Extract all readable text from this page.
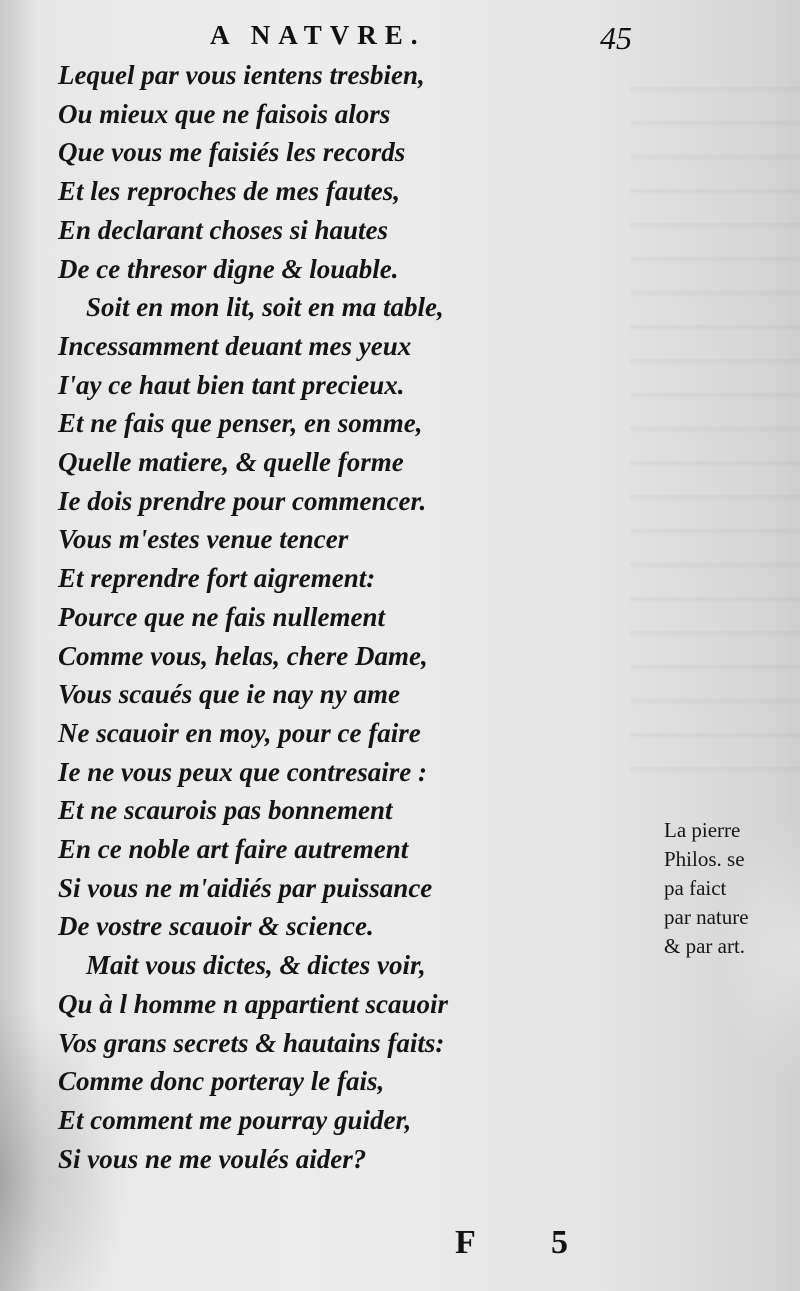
A NATVRE.	45
Lequel par vous ientens tresbien,
Ou mieux que ne faisois alors
Que vous me faisiés les records
Et les reproches de mes fautes,
En declarant choses si hautes
De ce thresor digne & louable.
Soit en mon lit, soit en ma table,
Incessamment deuant mes yeux
I'ay ce haut bien tant precieux.
Et ne fais que penser, en somme,
Quelle matiere, & quelle forme
Ie dois prendre pour commencer.
Vous m'estes venue tencer
Et reprendre fort aigrement:
Pource que ne fais nullement
Comme vous, helas, chere Dame,
Vous scaués que ie nay ny ame
Ne scauoir en moy, pour ce faire
Ie ne vous peux que contresaire :
Et ne scaurois pas bonnement
En ce noble art faire autrement
Si vous ne m'aidiés par puissance
De vostre scauoir & science.
Mait vous dictes, & dictes voir,
Qu à l homme n appartient scauoir
Vos grans secrets & hautains faits:
Comme donc porteray le fais,
Et comment me pourray guider,
Si vous ne me voulés aider?
La pierre
Philos. se
pa faict
par nature
& par art.
F 5
